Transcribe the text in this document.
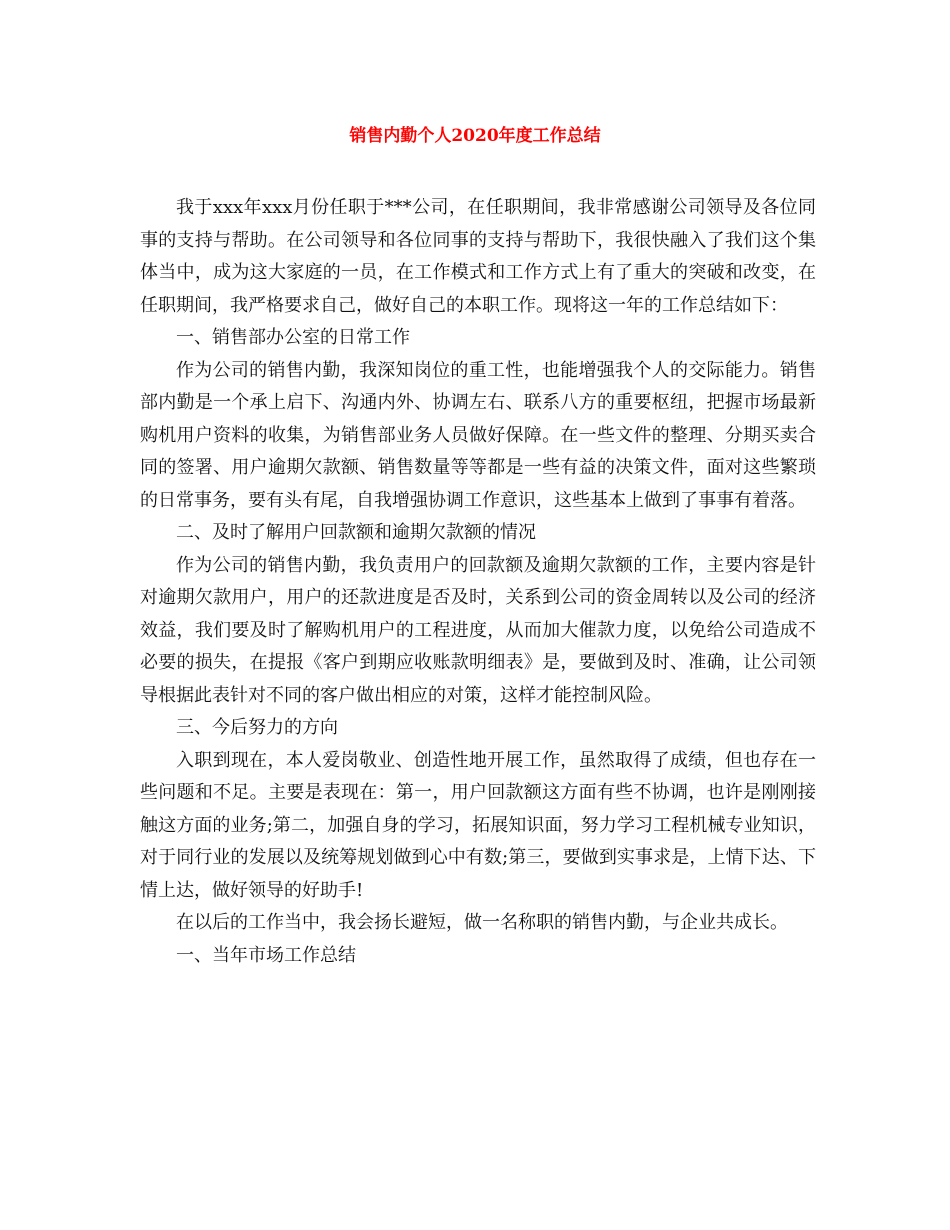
销售内勤个人2020年度工作总结

我于xxx年xxx月份任职于***公司，在任职期间，我非常感谢公司领导及各位同事的支持与帮助。在公司领导和各位同事的支持与帮助下，我很快融入了我们这个集体当中，成为这大家庭的一员，在工作模式和工作方式上有了重大的突破和改变，在任职期间，我严格要求自己，做好自己的本职工作。现将这一年的工作总结如下：

一、销售部办公室的日常工作

作为公司的销售内勤，我深知岗位的重工性，也能增强我个人的交际能力。销售部内勤是一个承上启下、沟通内外、协调左右、联系八方的重要枢纽，把握市场最新购机用户资料的收集，为销售部业务人员做好保障。在一些文件的整理、分期买卖合同的签署、用户逾期欠款额、销售数量等等都是一些有益的决策文件，面对这些繁琐的日常事务，要有头有尾，自我增强协调工作意识，这些基本上做到了事事有着落。

二、及时了解用户回款额和逾期欠款额的情况

作为公司的销售内勤，我负责用户的回款额及逾期欠款额的工作，主要内容是针对逾期欠款用户，用户的还款进度是否及时，关系到公司的资金周转以及公司的经济效益，我们要及时了解购机用户的工程进度，从而加大催款力度，以免给公司造成不必要的损失，在提报《客户到期应收账款明细表》是，要做到及时、准确，让公司领导根据此表针对不同的客户做出相应的对策，这样才能控制风险。

三、今后努力的方向

入职到现在，本人爱岗敬业、创造性地开展工作，虽然取得了成绩，但也存在一些问题和不足。主要是表现在：第一，用户回款额这方面有些不协调，也许是刚刚接触这方面的业务;第二，加强自身的学习，拓展知识面，努力学习工程机械专业知识，对于同行业的发展以及统筹规划做到心中有数;第三，要做到实事求是，上情下达、下情上达，做好领导的好助手!

在以后的工作当中，我会扬长避短，做一名称职的销售内勤，与企业共成长。

一、当年市场工作总结
